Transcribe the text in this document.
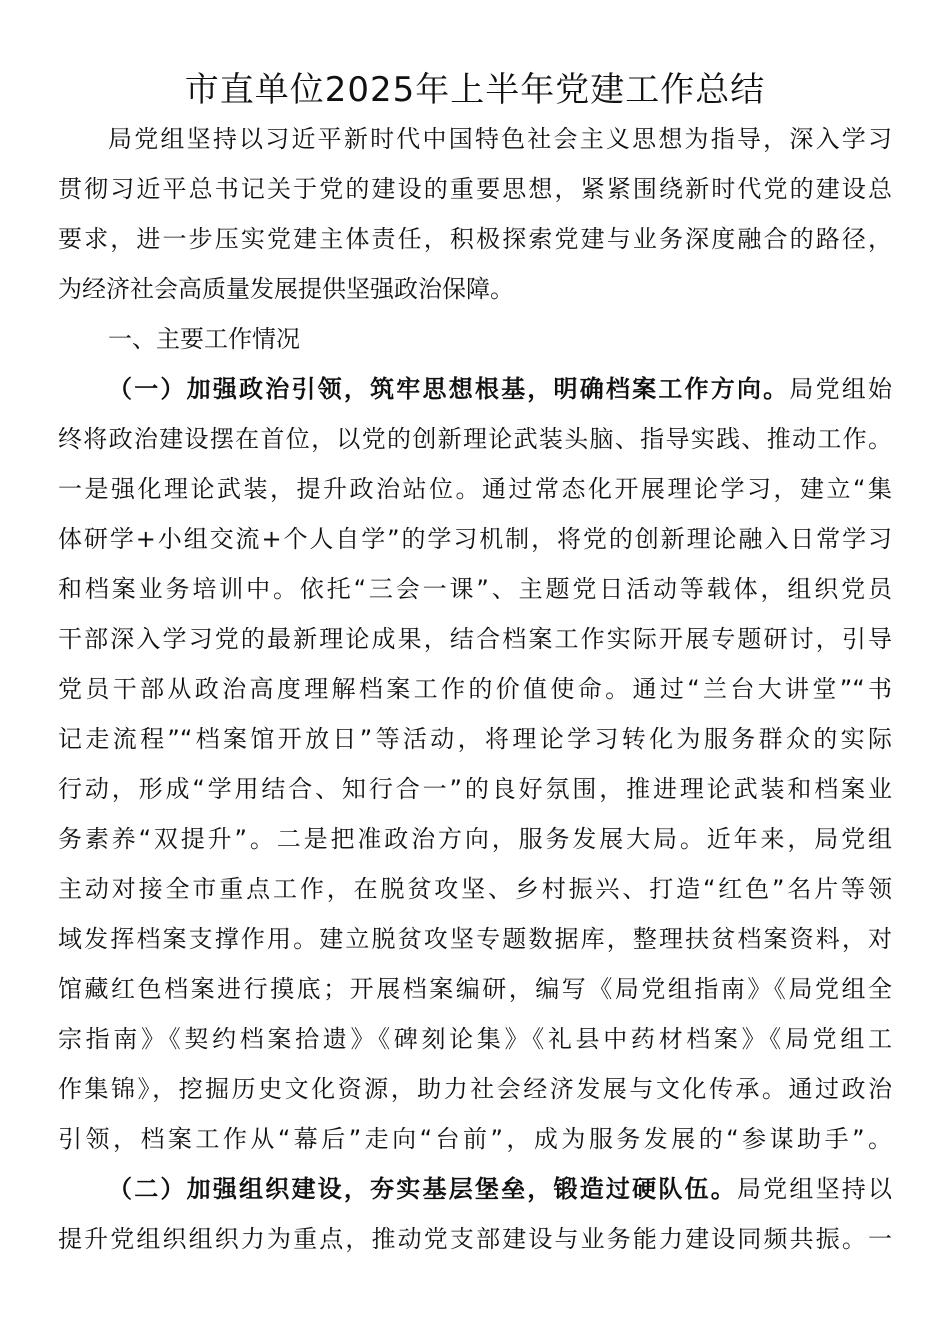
市直单位2025年上半年党建工作总结
局党组坚持以习近平新时代中国特色社会主义思想为指导，深入学习
贯彻习近平总书记关于党的建设的重要思想，紧紧围绕新时代党的建设总
要求，进一步压实党建主体责任，积极探索党建与业务深度融合的路径，
为经济社会高质量发展提供坚强政治保障。
一、主要工作情况
（一）加强政治引领，筑牢思想根基，明确档案工作方向。局党组始
终将政治建设摆在首位，以党的创新理论武装头脑、指导实践、推动工作。
一是强化理论武装，提升政治站位。通过常态化开展理论学习，建立“集
体研学+小组交流+个人自学”的学习机制，将党的创新理论融入日常学习
和档案业务培训中。依托“三会一课”、主题党日活动等载体，组织党员
干部深入学习党的最新理论成果，结合档案工作实际开展专题研讨，引导
党员干部从政治高度理解档案工作的价值使命。通过“兰台大讲堂”“书
记走流程”“档案馆开放日”等活动，将理论学习转化为服务群众的实际
行动，形成“学用结合、知行合一”的良好氛围，推进理论武装和档案业
务素养“双提升”。二是把准政治方向，服务发展大局。近年来，局党组
主动对接全市重点工作，在脱贫攻坚、乡村振兴、打造“红色”名片等领
域发挥档案支撑作用。建立脱贫攻坚专题数据库，整理扶贫档案资料，对
馆藏红色档案进行摸底；开展档案编研，编写《局党组指南》《局党组全
宗指南》《契约档案拾遗》《碑刻论集》《礼县中药材档案》《局党组工
作集锦》，挖掘历史文化资源，助力社会经济发展与文化传承。通过政治
引领，档案工作从“幕后”走向“台前”，成为服务发展的“参谋助手”。
（二）加强组织建设，夯实基层堡垒，锻造过硬队伍。局党组坚持以
提升党组织组织力为重点，推动党支部建设与业务能力建设同频共振。一
